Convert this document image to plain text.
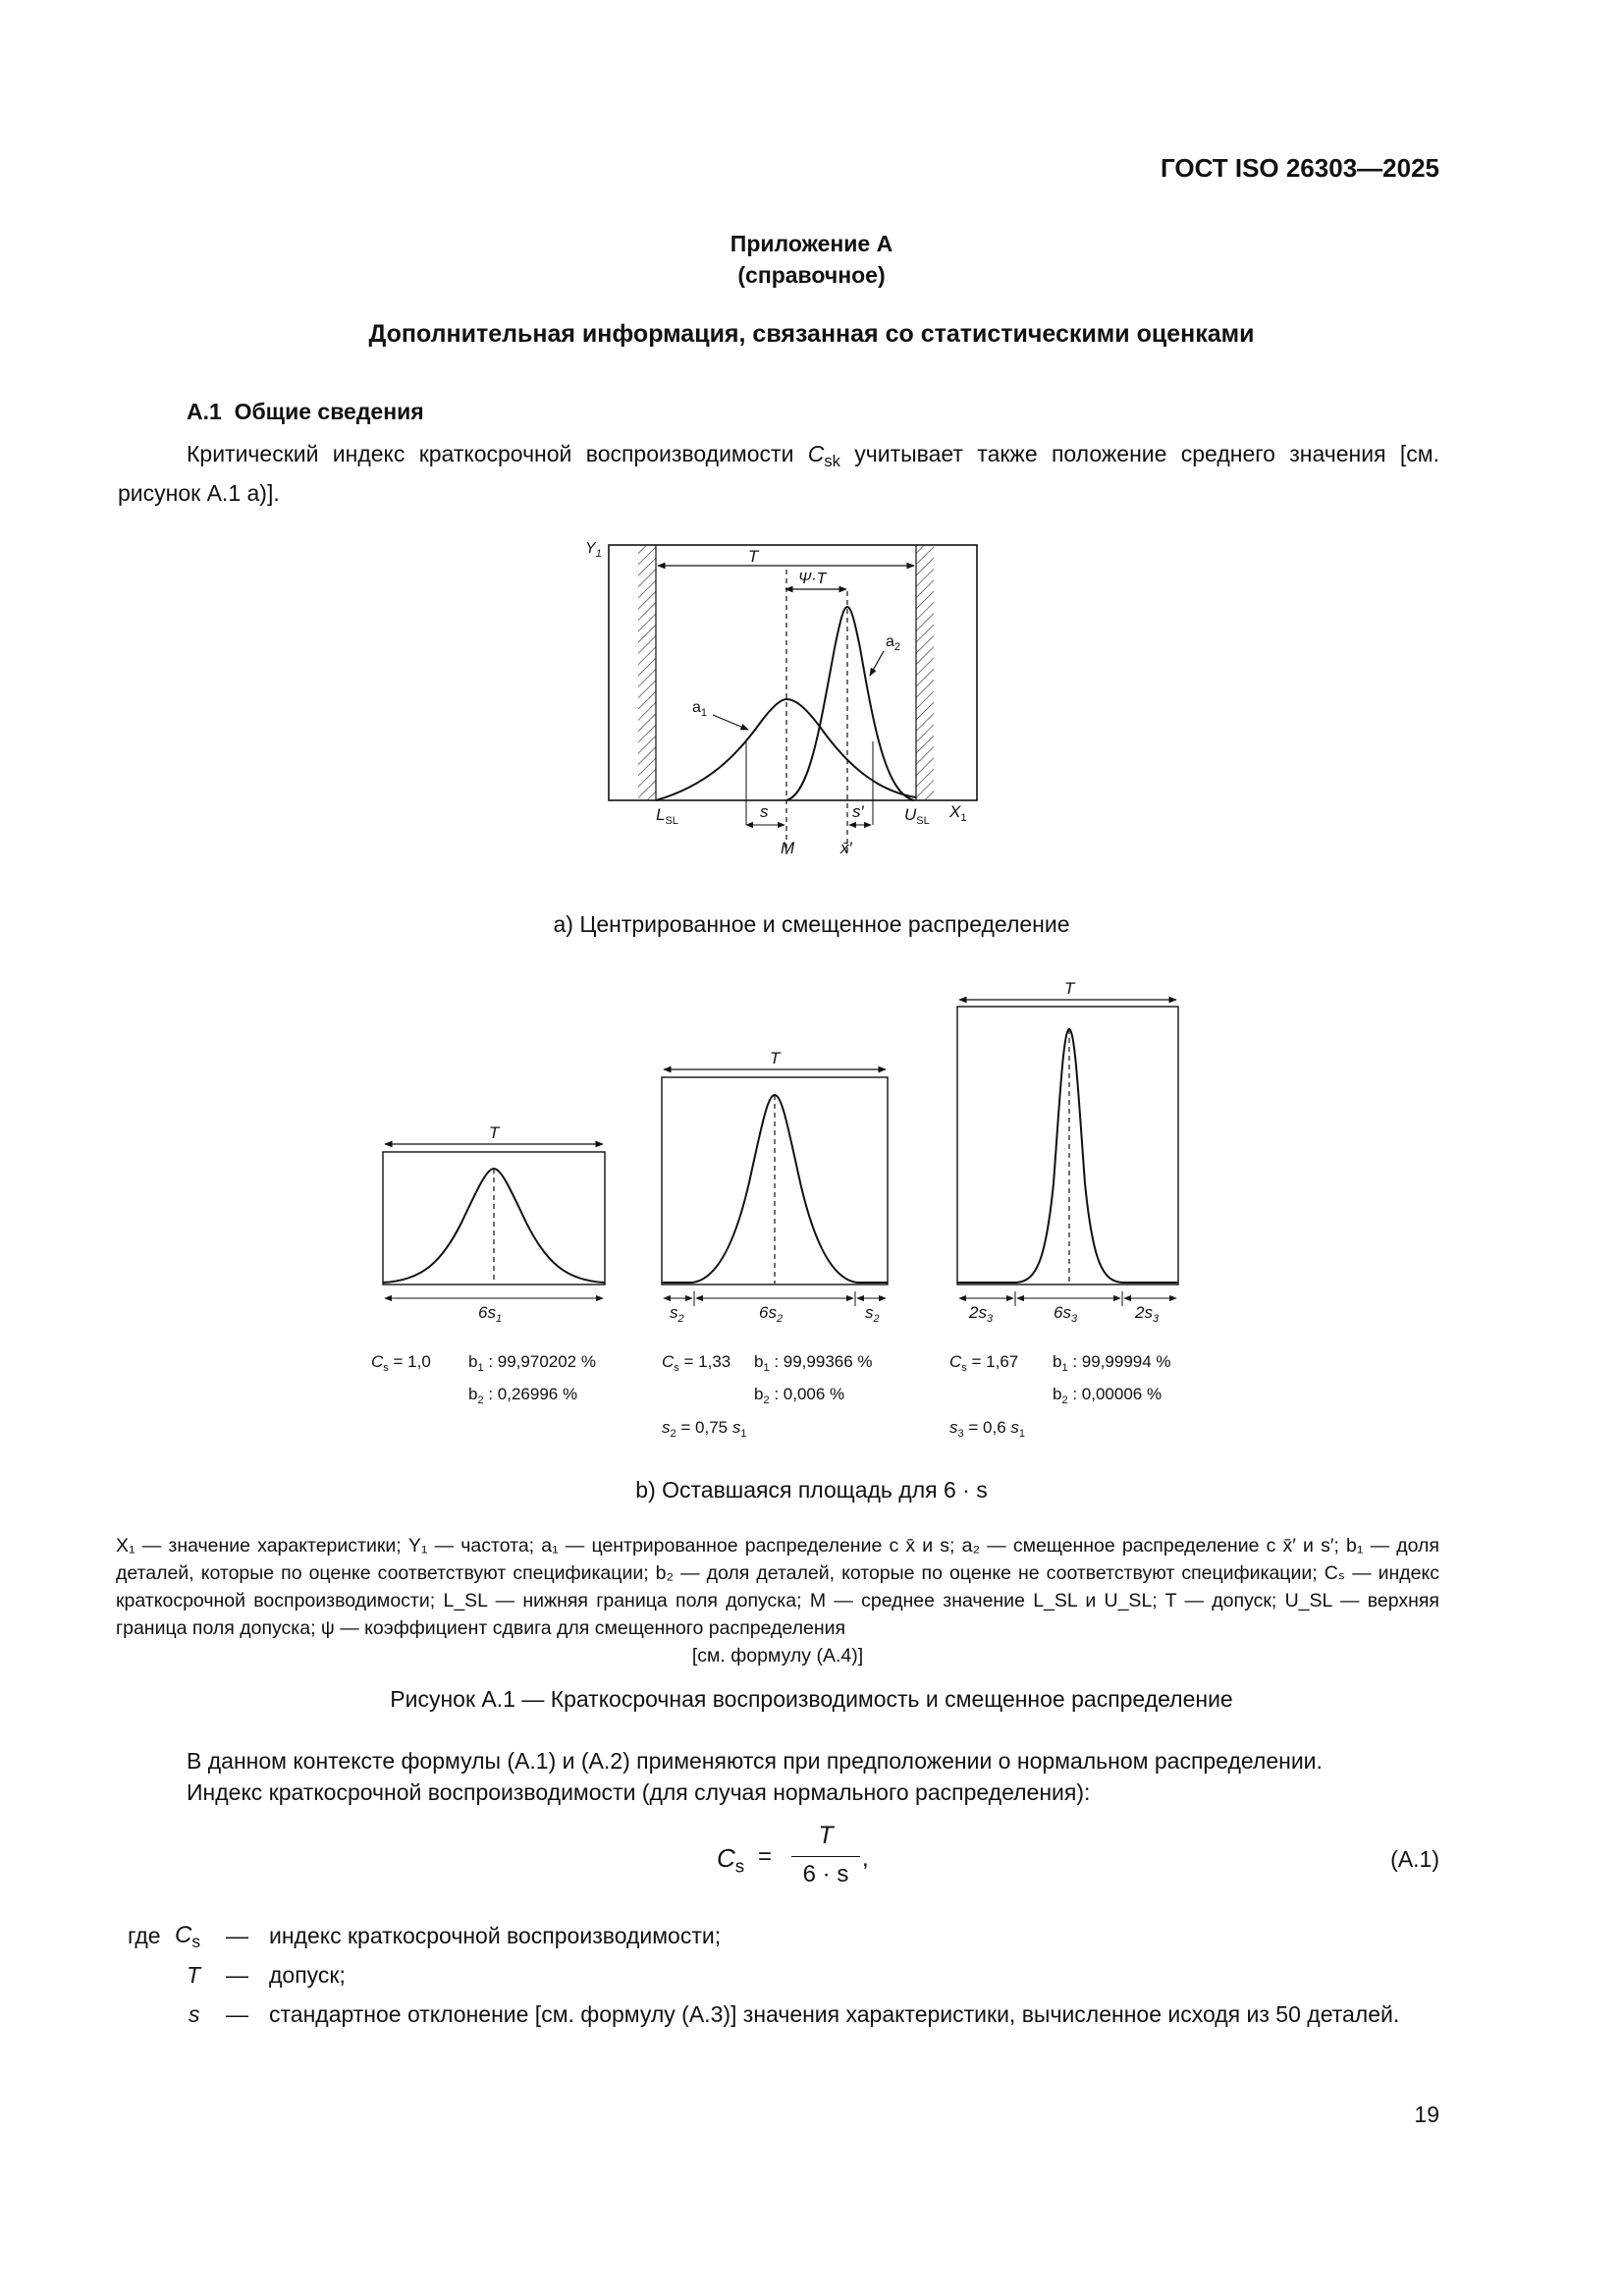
ГОСТ ISO 26303—2025
Приложение А
(справочное)
Дополнительная информация, связанная со статистическими оценками
А.1 Общие сведения
Критический индекс краткосрочной воспроизводимости $C_{sk}$ учитывает также положение среднего значения [см. рисунок А.1 а)].
T
Ψ·T
$a_1$
$a_2$
$Y_1$
$L_{SL}$	s	s′ $U_{SL}$ $X_1$
M	x̄′
а) Центрированное и смещенное распределение
T
$6s_1$
$C_s = 1,0$ $b_1$ : 99,970202 %
$b_2$ : 0,26996 %
T
$s_2$	$6s_2$	$s_2$
$C_s = 1,33$ $b_1$ : 99,99366 %
$b_2$ : 0,006 %
$s_2 = 0,75$ $s_1$
T
$2s_3$	$6s_3$	$2s_3$
$C_s = 1,67$ $b_1$ : 99,99994 %
$b_2$ : 0,00006 %
$s_3 = 0,6$ $s_1$
b) Оставшаяся площадь для 6 · s
X₁ — значение характеристики; Y₁ — частота; a₁ — центрированное распределение с x̄ и s; a₂ — смещенное распределение с x̄′ и s′; b₁ — доля деталей, которые по оценке соответствуют спецификации; b₂ — доля деталей, которые по оценке не соответствуют спецификации; Cₛ — индекс краткосрочной воспроизводимости; L_SL — нижняя граница поля допуска; M — среднее значение L_SL и U_SL; T — допуск; U_SL — верхняя граница поля допуска; ψ — коэффициент сдвига для смещенного распределения
[см. формулу (А.4)]
Рисунок А.1 — Краткосрочная воспроизводимость и смещенное распределение
В данном контексте формулы (А.1) и (А.2) применяются при предположении о нормальном распределении.
Индекс краткосрочной воспроизводимости (для случая нормального распределения):
$C_s$ =
T
6 · s
,	(А.1)
где $C_s$ — индекс краткосрочной воспроизводимости;
T — допуск;
s — стандартное отклонение [см. формулу (А.3)] значения характеристики, вычисленное исходя из 50 деталей.
19
